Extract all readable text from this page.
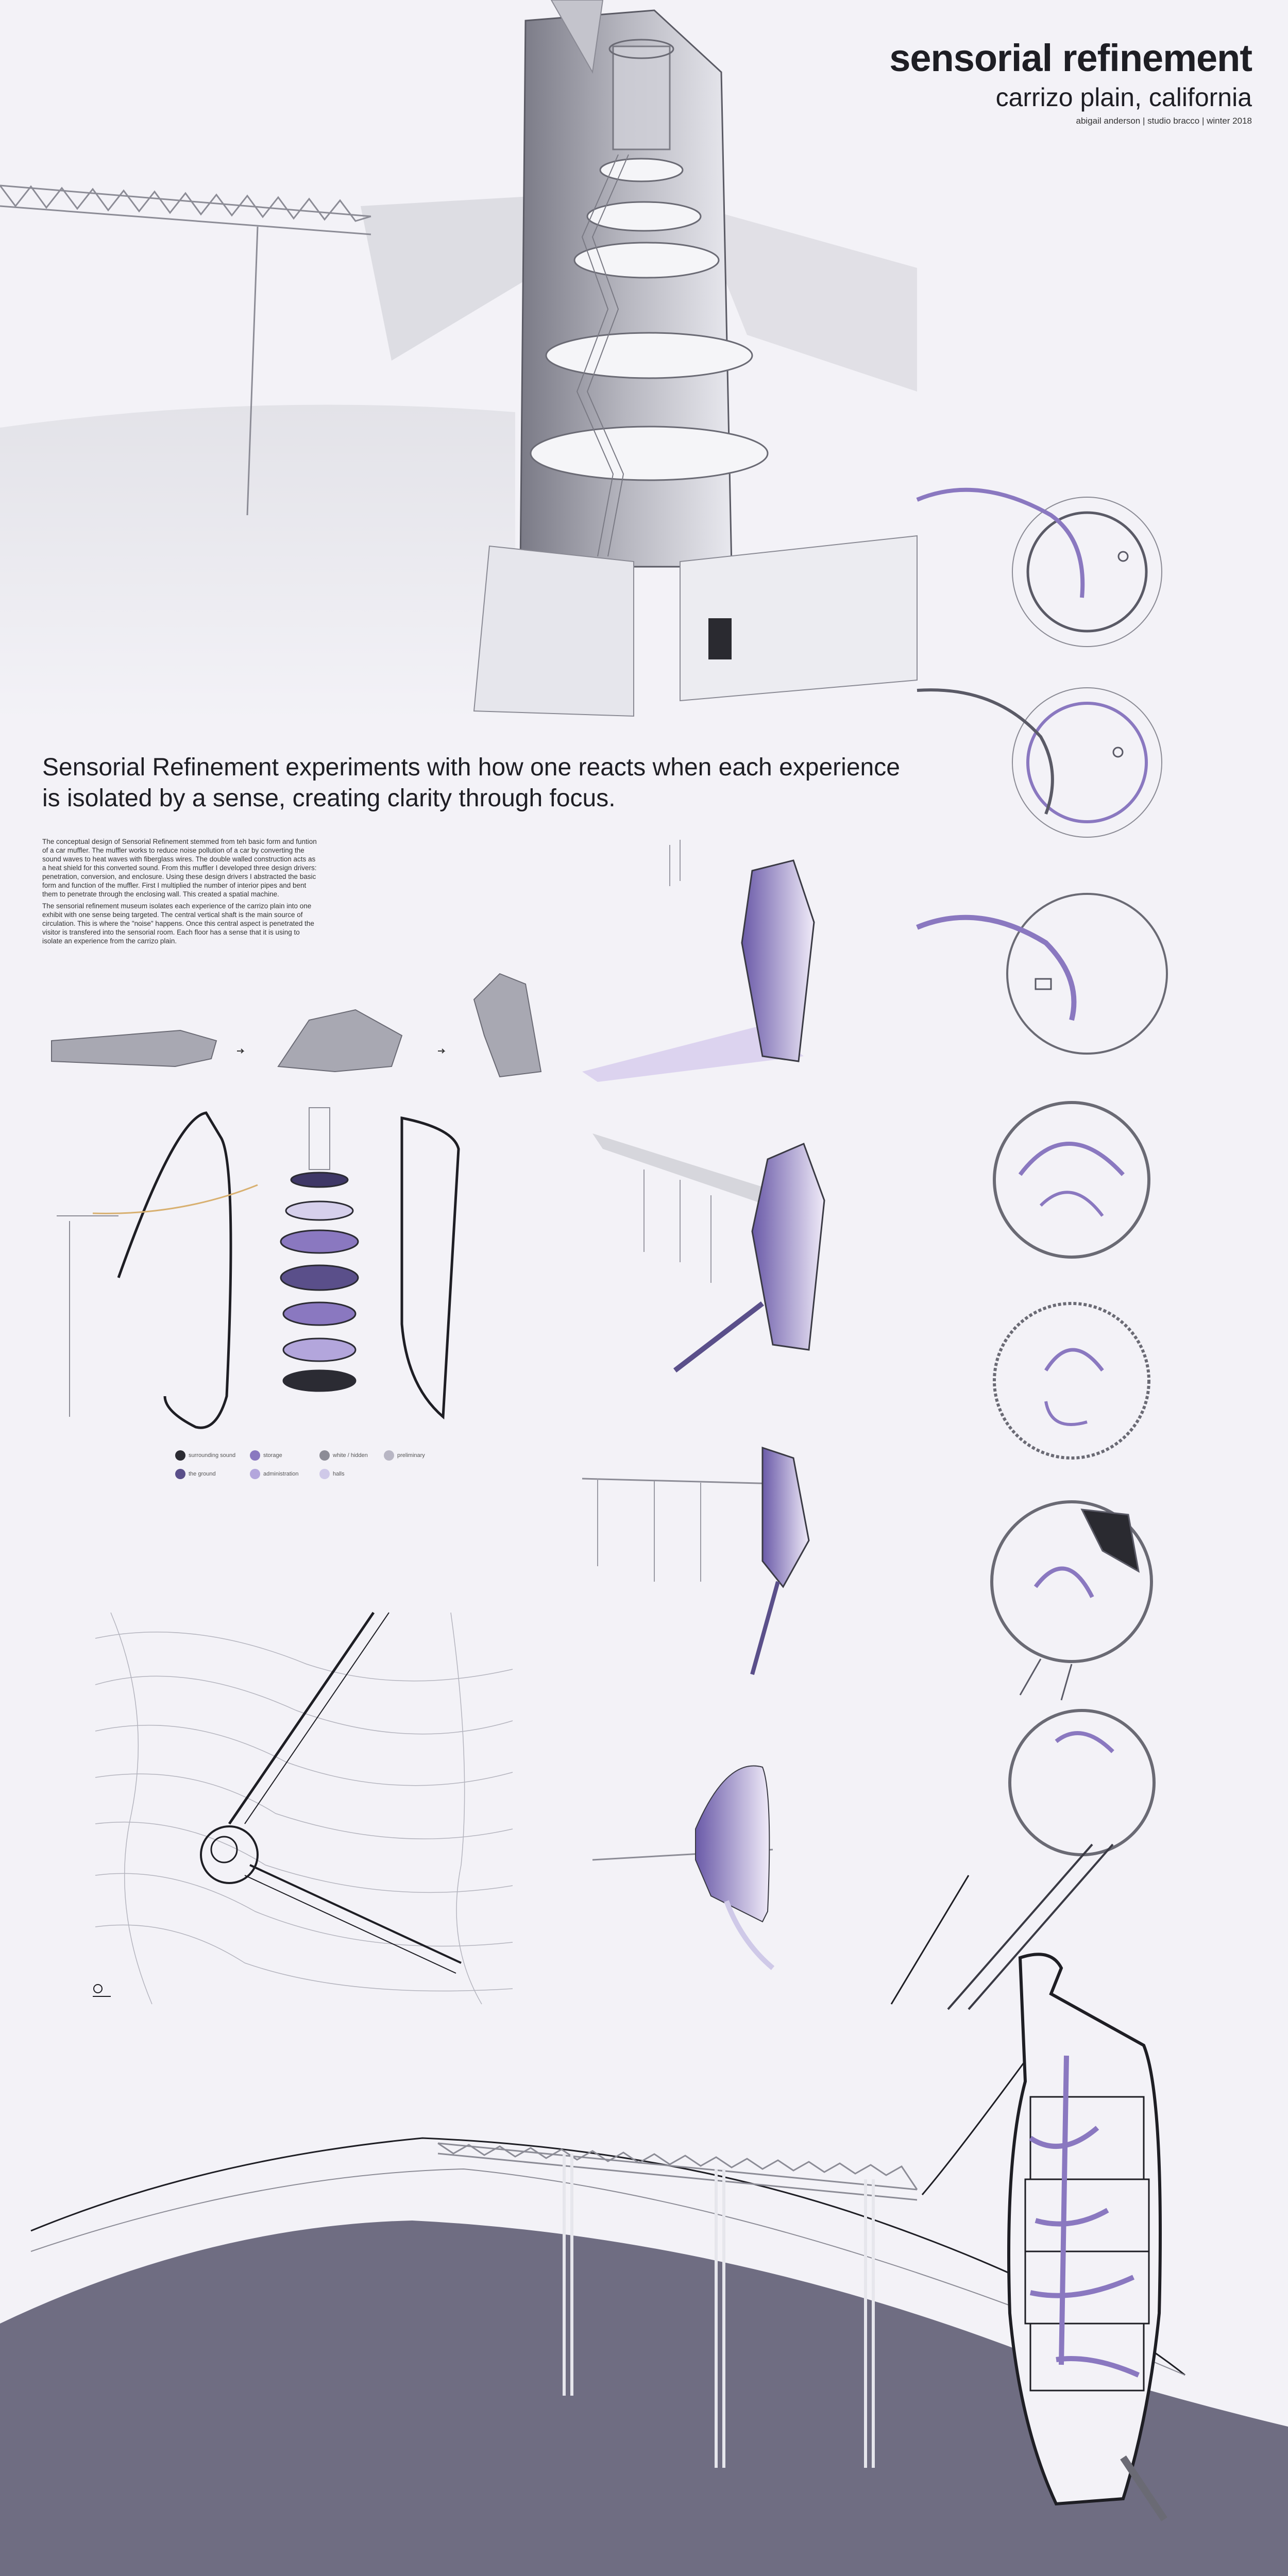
sensorial refinement
carrizo plain, california
abigail anderson | studio bracco | winter 2018
Sensorial Refinement experiments with how one reacts when each experience is isolated by a sense, creating clarity through focus.
The conceptual design of Sensorial Refinement stemmed from teh basic form and funtion of a car muffler. The muffler works to reduce noise pollution of a car by converting the sound waves to heat waves with fiberglass wires. The double walled construction acts as a heat shield for this converted sound. From this muffler I developed three design drivers: penetration, conversion, and enclosure. Using these design drivers I abstracted the basic form and function of the muffler. First I multiplied the number of interior pipes and bent them to penetrate through the enclosing wall. This created a spatial machine.
The sensorial refinement museum isolates each experience of the carrizo plain into one exhibit with one sense being targeted. The central vertical shaft is the main source of circulation. This is where the "noise" happens. Once this central aspect is penetrated the visitor is transfered into the sensorial room. Each floor has a sense that it is using to isolate an experience from the carrizo plain.
surrounding sound	storage	white / hidden	preliminary
the ground	administration	halls
